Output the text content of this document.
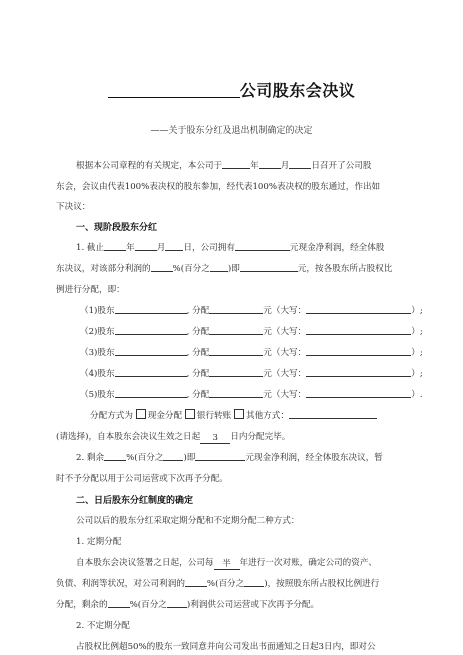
公司股东会决议
——关于股东分红及退出机制确定的决定
根据本公司章程的有关规定，本公司于	年	月	日召开了公司股
东会，会议由代表100%表决权的股东参加，经代表100%表决权的股东通过，作出如
下决议：
一、现阶段股东分红
1. 截止	年	月 日，公司拥有	元现金净利润，经全体股
东决议，对该部分利润的	%(百分之 )即	元，按各股东所占股权比
例进行分配，即：
（1)股东	, 分配	元（大写：	）;
（2)股东	, 分配	元（大写：	）;
（3)股东	, 分配	元（大写：	）;
（4)股东	, 分配	元（大写：	）;
（5)股东	, 分配	元（大写：	）.
分配方式为 现金分配 银行转账 其他方式：
(请选择)，自本股东会决议生效之日起 3 日内分配完毕。
2. 剩余	%(百分之 )即	元现金净利润，经全体股东决议，暂
时不予分配以用于公司运营或下次再予分配。
二、日后股东分红制度的确定
公司以后的股东分红采取定期分配和不定期分配二种方式：
1. 定期分配
自本股东会决议签署之日起，公司每 半 年进行一次对账，确定公司的资产、
负债、利润等状况，对公司利润的	%(百分之 )，按照股东所占股权比例进行
分配，剩余的	%(百分之 )利润供公司运营或下次再予分配。
2. 不定期分配
占股权比例超50%的股东一致同意并向公司发出书面通知之日起3日内，即对公
